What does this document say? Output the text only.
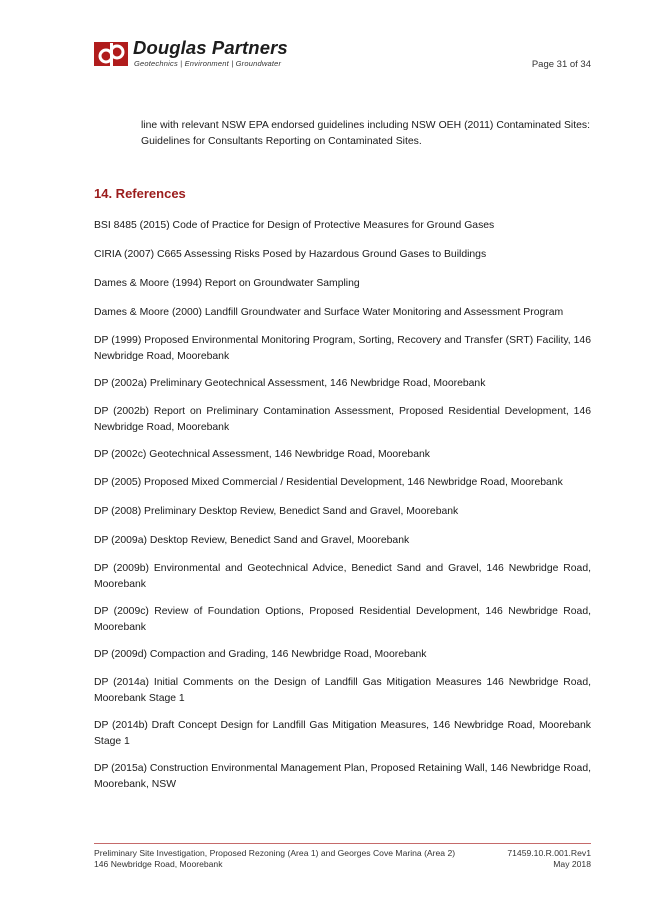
Douglas Partners
Geotechnics | Environment | Groundwater	Page 31 of 34

line with relevant NSW EPA endorsed guidelines including NSW OEH (2011) Contaminated Sites: Guidelines for Consultants Reporting on Contaminated Sites.

14. References
BSI 8485 (2015) Code of Practice for Design of Protective Measures for Ground Gases
CIRIA (2007) C665 Assessing Risks Posed by Hazardous Ground Gases to Buildings
Dames & Moore (1994) Report on Groundwater Sampling
Dames & Moore (2000) Landfill Groundwater and Surface Water Monitoring and Assessment Program
DP (1999) Proposed Environmental Monitoring Program, Sorting, Recovery and Transfer (SRT) Facility, 146 Newbridge Road, Moorebank
DP (2002a) Preliminary Geotechnical Assessment, 146 Newbridge Road, Moorebank
DP (2002b) Report on Preliminary Contamination Assessment, Proposed Residential Development, 146 Newbridge Road, Moorebank
DP (2002c) Geotechnical Assessment, 146 Newbridge Road, Moorebank
DP (2005) Proposed Mixed Commercial / Residential Development, 146 Newbridge Road, Moorebank
DP (2008) Preliminary Desktop Review, Benedict Sand and Gravel, Moorebank
DP (2009a) Desktop Review, Benedict Sand and Gravel, Moorebank
DP (2009b) Environmental and Geotechnical Advice, Benedict Sand and Gravel, 146 Newbridge Road, Moorebank
DP (2009c) Review of Foundation Options, Proposed Residential Development, 146 Newbridge Road, Moorebank
DP (2009d) Compaction and Grading, 146 Newbridge Road, Moorebank
DP (2014a) Initial Comments on the Design of Landfill Gas Mitigation Measures 146 Newbridge Road, Moorebank Stage 1
DP (2014b) Draft Concept Design for Landfill Gas Mitigation Measures, 146 Newbridge Road, Moorebank Stage 1
DP (2015a) Construction Environmental Management Plan, Proposed Retaining Wall, 146 Newbridge Road, Moorebank, NSW
Preliminary Site Investigation, Proposed Rezoning (Area 1) and Georges Cove Marina (Area 2)
146 Newbridge Road, Moorebank
71459.10.R.001.Rev1
May 2018
